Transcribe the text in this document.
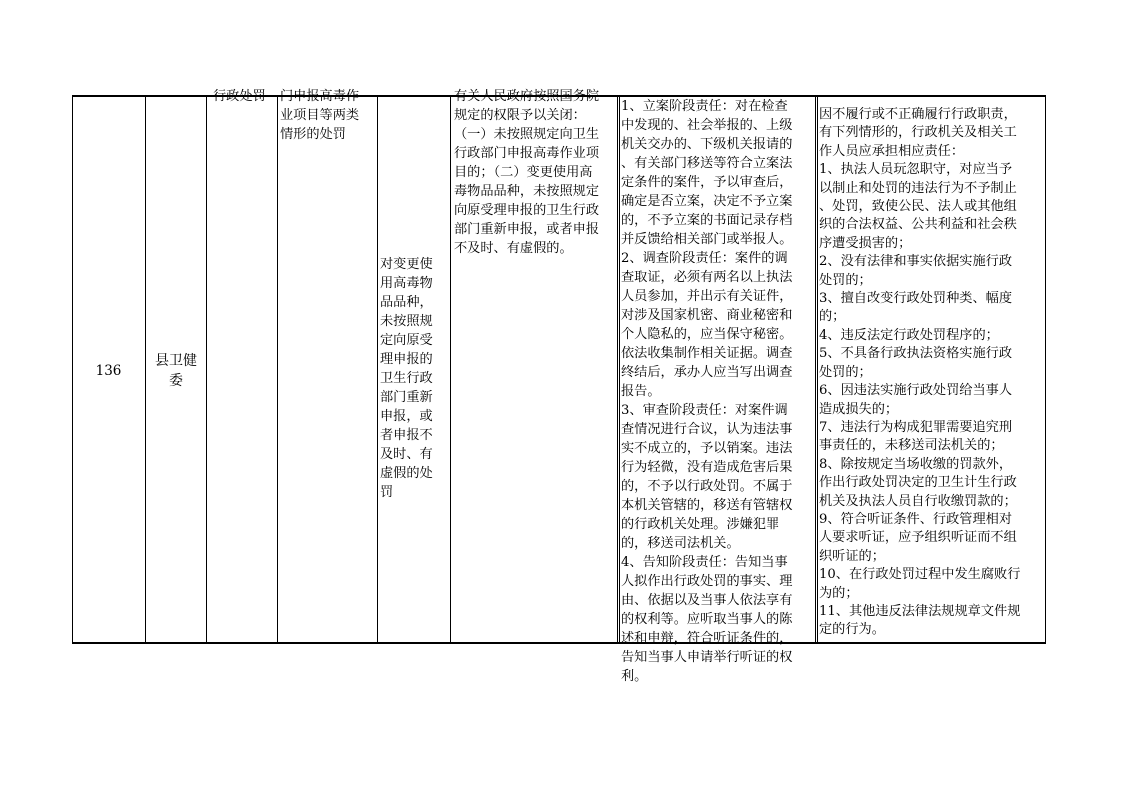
136
县卫健
委
行政处罚	门申报高毒作
业项目等两类
情形的处罚
对变更使
用高毒物
品品种，
未按照规
定向原受
理申报的
卫生行政
部门重新
申报，或
者申报不
及时、有
虚假的处
罚
有关人民政府按照国务院
规定的权限予以关闭：
（一）未按照规定向卫生
行政部门申报高毒作业项
目的；（二）变更使用高
毒物品品种，未按照规定
向原受理申报的卫生行政
部门重新申报，或者申报
不及时、有虚假的。
1、立案阶段责任：对在检查
中发现的、社会举报的、上级
机关交办的、下级机关报请的
、有关部门移送等符合立案法
定条件的案件，予以审查后，
确定是否立案，决定不予立案
的，不予立案的书面记录存档
并反馈给相关部门或举报人。
2、调查阶段责任：案件的调
查取证，必须有两名以上执法
人员参加，并出示有关证件，
对涉及国家机密、商业秘密和
个人隐私的，应当保守秘密。
依法收集制作相关证据。调查
终结后，承办人应当写出调查
报告。
3、审查阶段责任：对案件调
查情况进行合议，认为违法事
实不成立的，予以销案。违法
行为轻微，没有造成危害后果
的，不予以行政处罚。不属于
本机关管辖的，移送有管辖权
的行政机关处理。涉嫌犯罪
的，移送司法机关。
4、告知阶段责任：告知当事
人拟作出行政处罚的事实、理
由、依据以及当事人依法享有
的权利等。应听取当事人的陈
述和申辩，符合听证条件的，
告知当事人申请举行听证的权
利。
因不履行或不正确履行行政职责，
有下列情形的，行政机关及相关工
作人员应承担相应责任：
1、执法人员玩忽职守，对应当予
以制止和处罚的违法行为不予制止
、处罚，致使公民、法人或其他组
织的合法权益、公共利益和社会秩
序遭受损害的；
2、没有法律和事实依据实施行政
处罚的；
3、擅自改变行政处罚种类、幅度
的；
4、违反法定行政处罚程序的；
5、不具备行政执法资格实施行政
处罚的；
6、因违法实施行政处罚给当事人
造成损失的；
7、违法行为构成犯罪需要追究刑
事责任的，未移送司法机关的；
8、除按规定当场收缴的罚款外，
作出行政处罚决定的卫生计生行政
机关及执法人员自行收缴罚款的；
9、符合听证条件、行政管理相对
人要求听证，应予组织听证而不组
织听证的；
10、在行政处罚过程中发生腐败行
为的；
11、其他违反法律法规规章文件规
定的行为。
